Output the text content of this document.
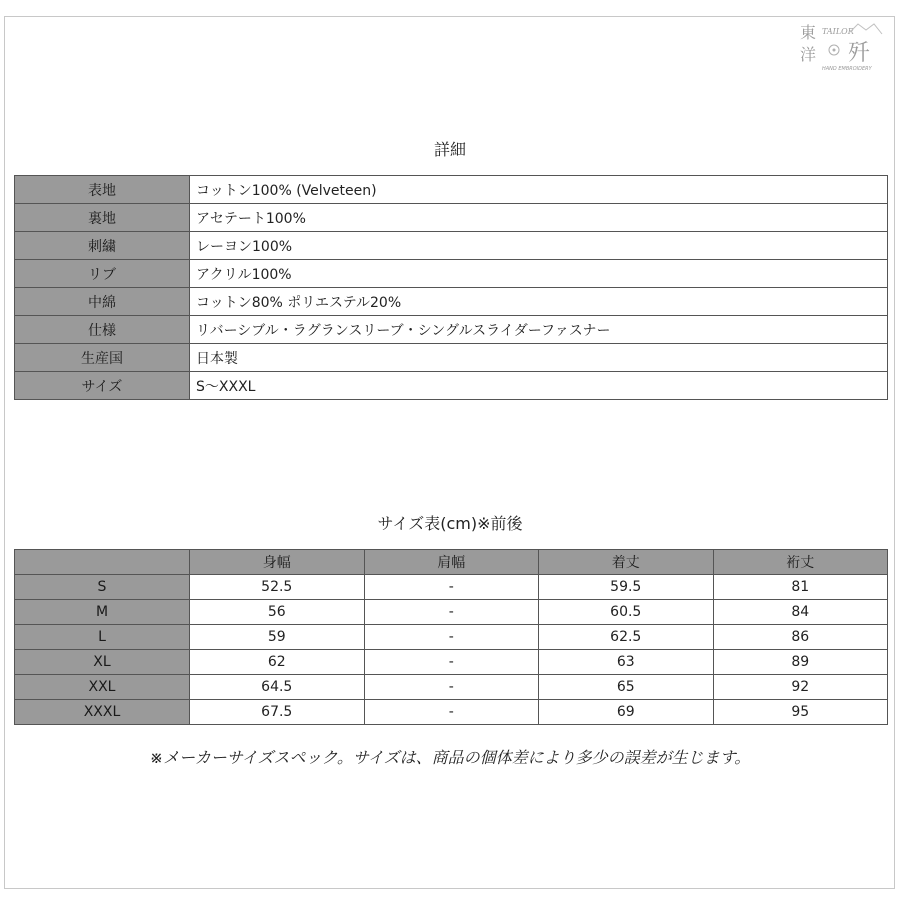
東
洋
TAILOR
歼
HAND EMBROIDERY
詳細
表地	コットン100% (Velveteen)
裏地	アセテート100%
刺繍	レーヨン100%
リブ	アクリル100%
中綿	コットン80% ポリエステル20%
仕様	リバーシブル・ラグランスリーブ・シングルスライダーファスナー
生産国	日本製
サイズ	S〜XXXL
サイズ表(cm)※前後
	身幅	肩幅	着丈	裄丈
S	52.5	-	59.5	81
M	56	-	60.5	84
L	59	-	62.5	86
XL	62	-	63	89
XXL	64.5	-	65	92
XXXL	67.5	-	69	95
※メーカーサイズスペック。サイズは、商品の個体差により多少の誤差が生じます。
